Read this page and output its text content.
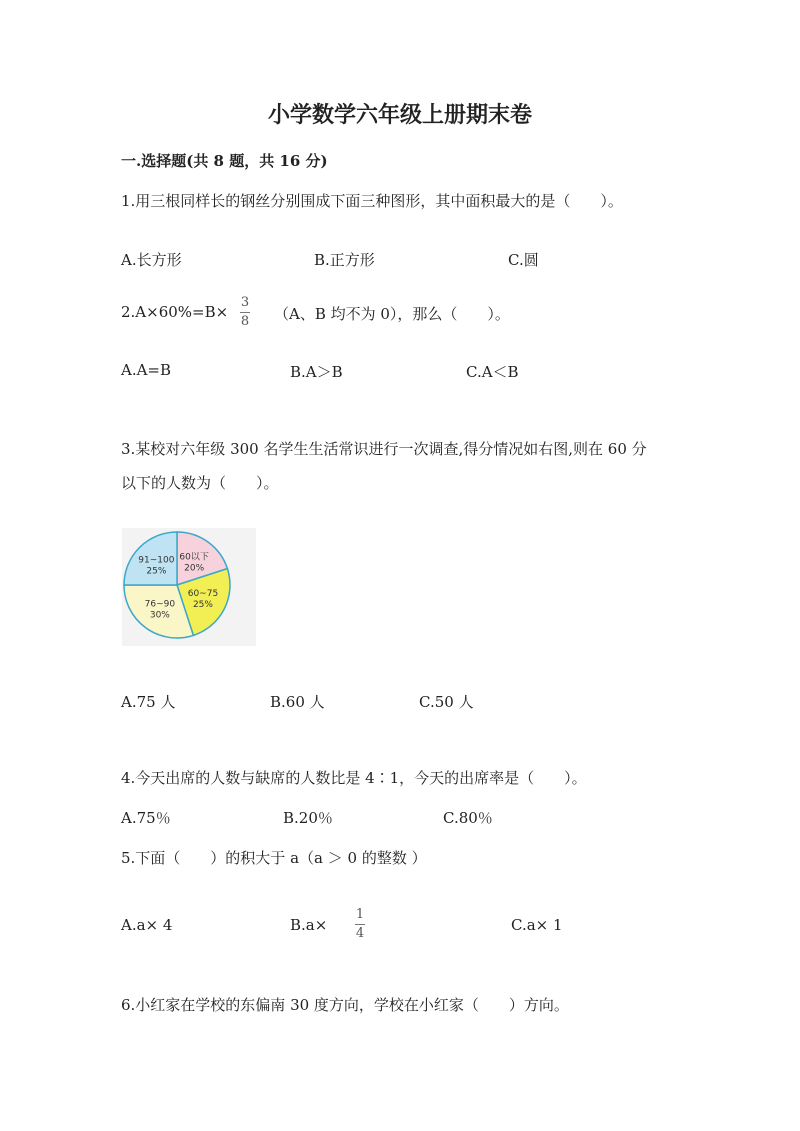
小学数学六年级上册期末卷
一.选择题(共 8 题，共 16 分)
1.用三根同样长的钢丝分别围成下面三种图形，其中面积最大的是（　　）。
A.长方形	B.正方形	C.圆
2.A×60%=B×
3
8 （A、B 均不为 0），那么（　　）。
A.A=B	B.A＞B	C.A＜B
3.某校对六年级 300 名学生生活常识进行一次调查,得分情况如右图,则在 60 分
以下的人数为（　　）。
60以下
20%
60~75
25%
76~90
30%
91~100
25%
A.75 人	B.60 人	C.50 人
4.今天出席的人数与缺席的人数比是 4∶1，今天的出席率是（　　）。
A.75％	B.20％	C.80％
5.下面（　　）的积大于 a（a ＞ 0 的整数 ）
A.a× 4	B.a×
1
4	C.a× 1
6.小红家在学校的东偏南 30 度方向，学校在小红家（　　）方向。
